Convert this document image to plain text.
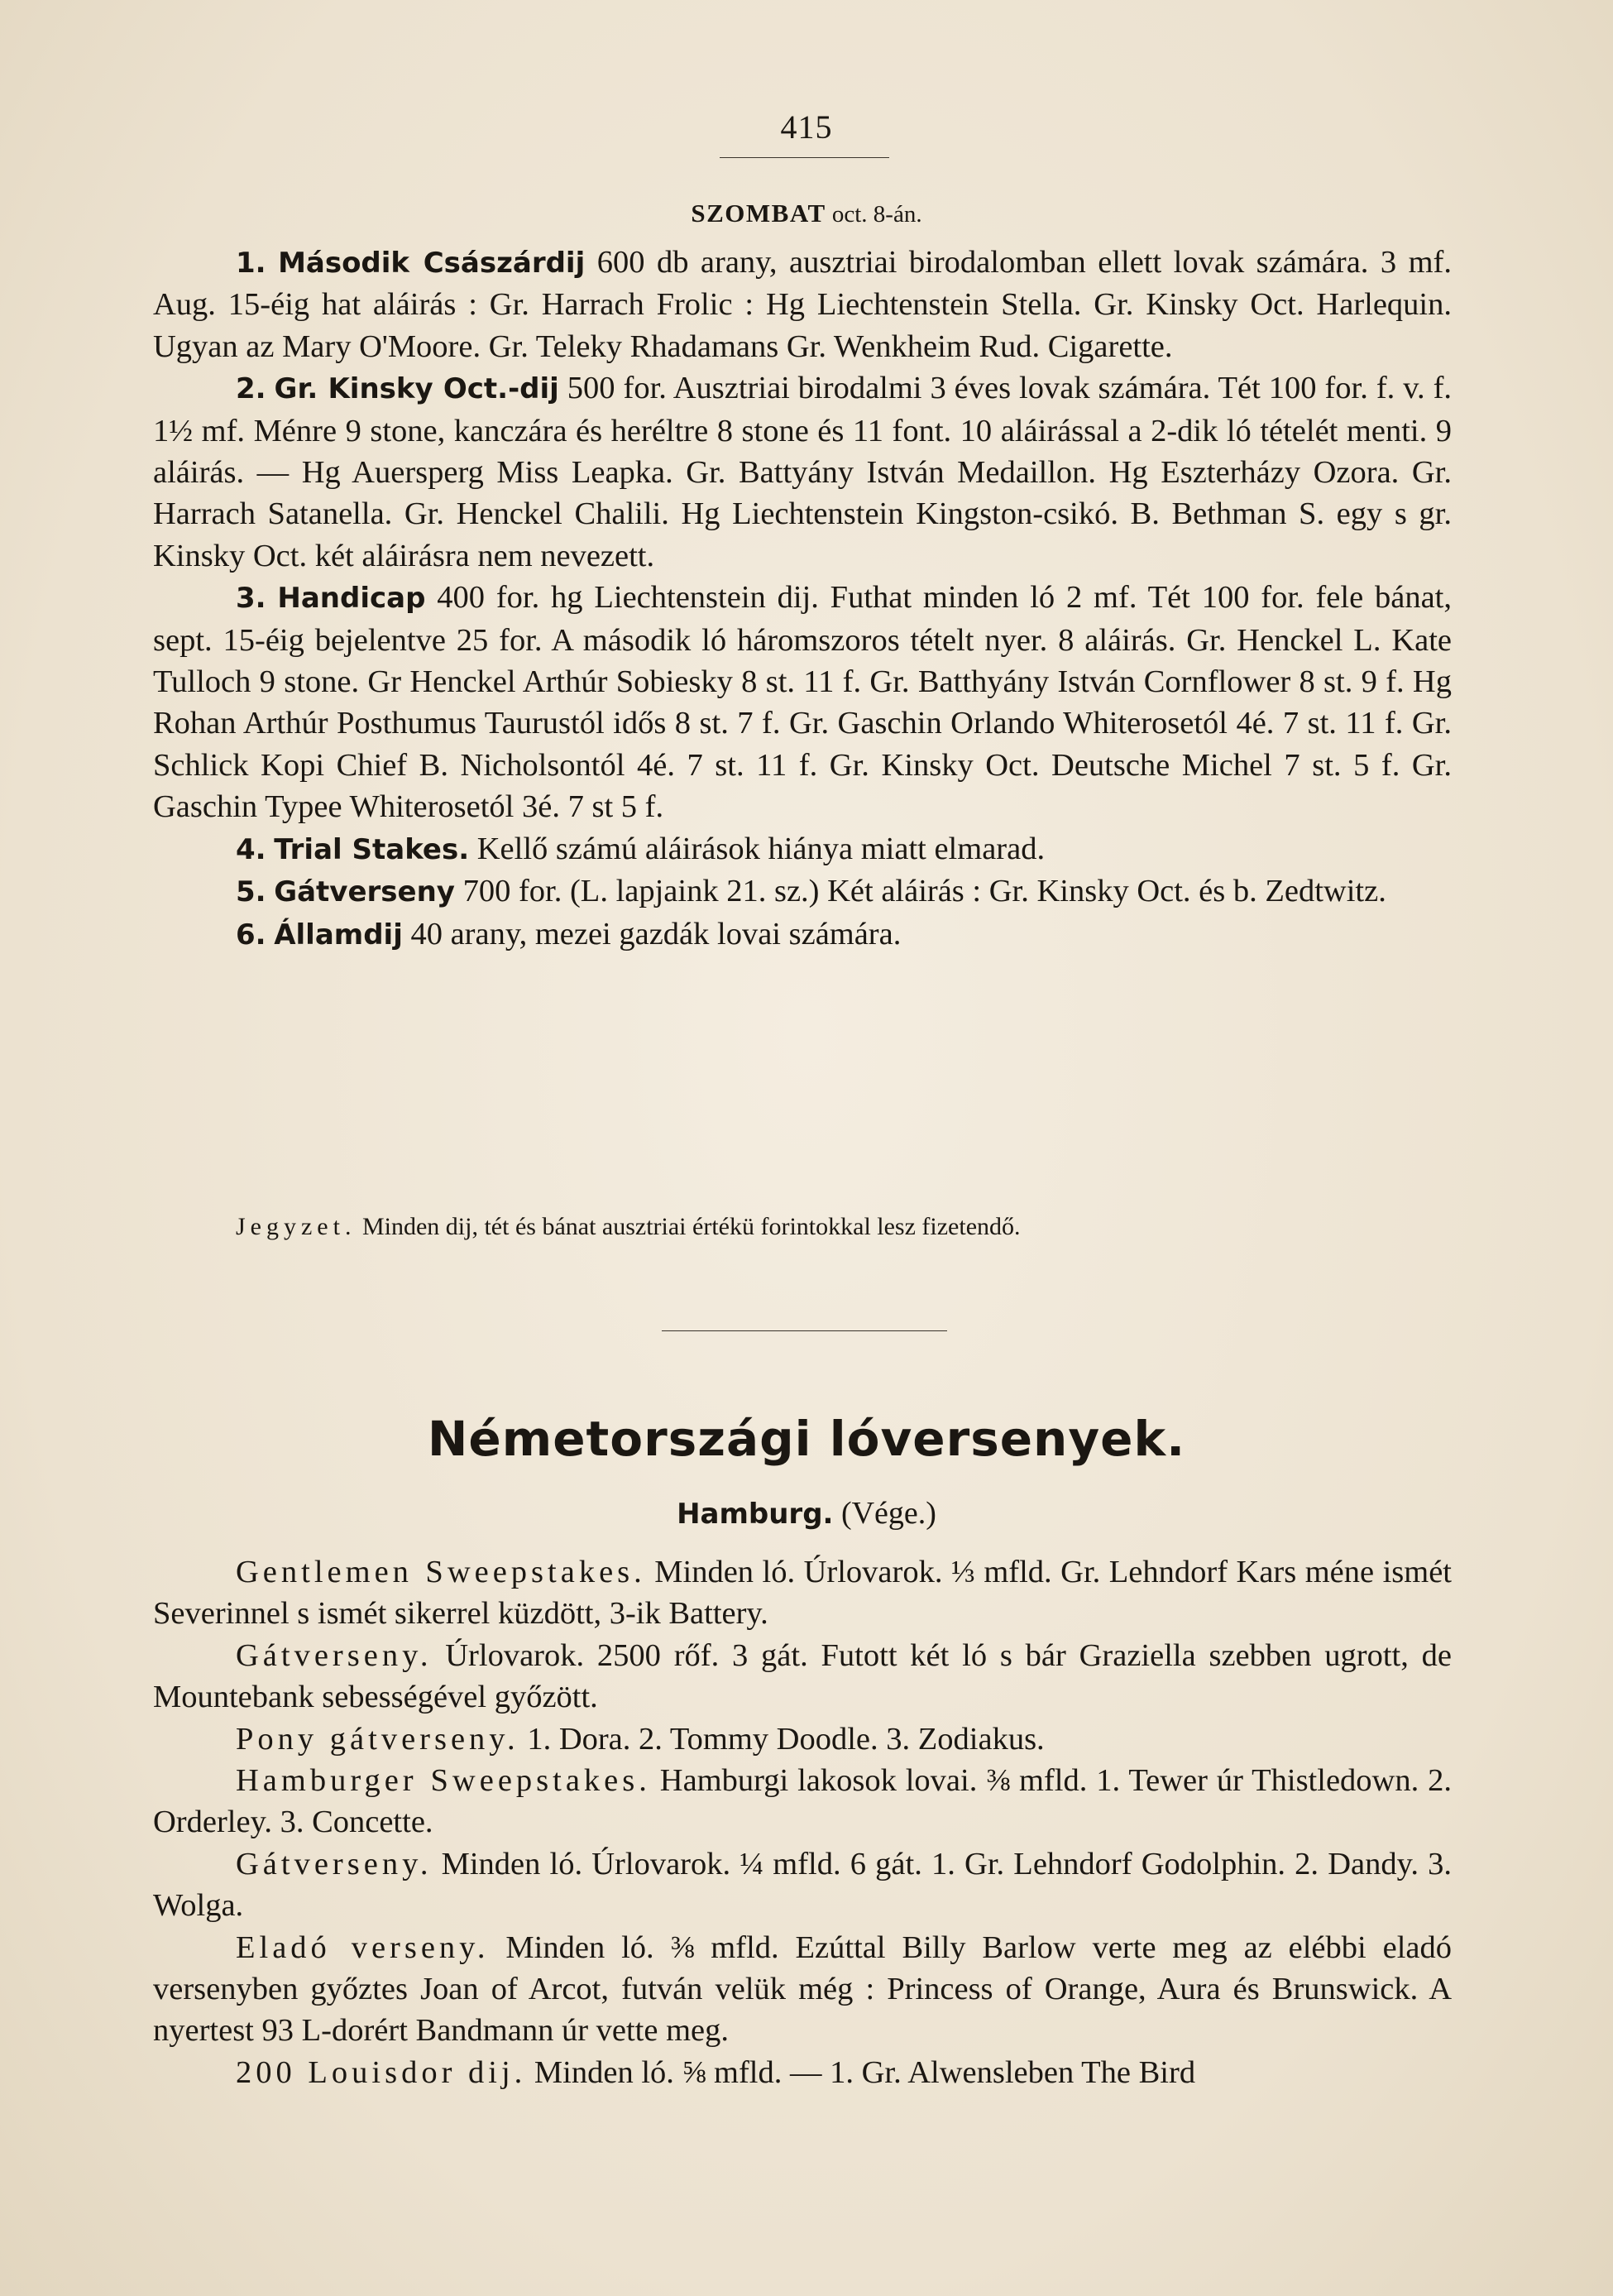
415
SZOMBAT oct. 8-án.

1. Második Császárdij 600 db arany, ausztriai birodalomban ellett lovak számára. 3 mf. Aug. 15-éig hat aláirás : Gr. Harrach Frolic : Hg Liechtenstein Stella. Gr. Kinsky Oct. Harlequin. Ugyan az Mary O'Moore. Gr. Teleky Rhadamans Gr. Wenkheim Rud. Cigarette.

2. Gr. Kinsky Oct.-dij 500 for. Ausztriai birodalmi 3 éves lovak számára. Tét 100 for. f. v. f. 1½ mf. Ménre 9 stone, kanczára és heréltre 8 stone és 11 font. 10 aláirással a 2-dik ló tételét menti. 9 aláirás. — Hg Auersperg Miss Leapka. Gr. Battyány István Medaillon. Hg Eszterházy Ozora. Gr. Harrach Satanella. Gr. Henckel Chalili. Hg Liechtenstein Kingston-csikó. B. Bethman S. egy s gr. Kinsky Oct. két aláirásra nem nevezett.

3. Handicap 400 for. hg Liechtenstein dij. Futhat minden ló 2 mf. Tét 100 for. fele bánat, sept. 15-éig bejelentve 25 for. A második ló háromszoros tételt nyer. 8 aláirás. Gr. Henckel L. Kate Tulloch 9 stone. Gr Henckel Arthúr Sobiesky 8 st. 11 f. Gr. Batthyány István Cornflower 8 st. 9 f. Hg Rohan Arthúr Posthumus Taurustól idős 8 st. 7 f. Gr. Gaschin Orlando Whiterosetól 4é. 7 st. 11 f. Gr. Schlick Kopi Chief B. Nicholsontól 4é. 7 st. 11 f. Gr. Kinsky Oct. Deutsche Michel 7 st. 5 f. Gr. Gaschin Typee Whiterosetól 3é. 7 st 5 f.

4. Trial Stakes. Kellő számú aláirások hiánya miatt elmarad.

5. Gátverseny 700 for. (L. lapjaink 21. sz.) Két aláirás : Gr. Kinsky Oct. és b. Zedtwitz.

6. Államdij 40 arany, mezei gazdák lovai számára.

Jegyzet. Minden dij, tét és bánat ausztriai értékü forintokkal lesz fizetendő.
Németországi lóversenyek.
Hamburg. (Vége.)

Gentlemen Sweepstakes. Minden ló. Úrlovarok. ⅓ mfld. Gr. Lehndorf Kars méne ismét Severinnel s ismét sikerrel küzdött, 3-ik Battery.

Gátverseny. Úrlovarok. 2500 rőf. 3 gát. Futott két ló s bár Graziella szebben ugrott, de Mountebank sebességével győzött.

Pony gátverseny. 1. Dora. 2. Tommy Doodle. 3. Zodiakus.

Hamburger Sweepstakes. Hamburgi lakosok lovai. ⅜ mfld. 1. Tewer úr Thistledown. 2. Orderley. 3. Concette.

Gátverseny. Minden ló. Úrlovarok. ¼ mfld. 6 gát. 1. Gr. Lehndorf Godolphin. 2. Dandy. 3. Wolga.

Eladó verseny. Minden ló. ⅜ mfld. Ezúttal Billy Barlow verte meg az elébbi eladó versenyben győztes Joan of Arcot, futván velük még : Princess of Orange, Aura és Brunswick. A nyertest 93 L-dorért Bandmann úr vette meg.

200 Louisdor dij. Minden ló. ⅝ mfld. — 1. Gr. Alwensleben The Bird
